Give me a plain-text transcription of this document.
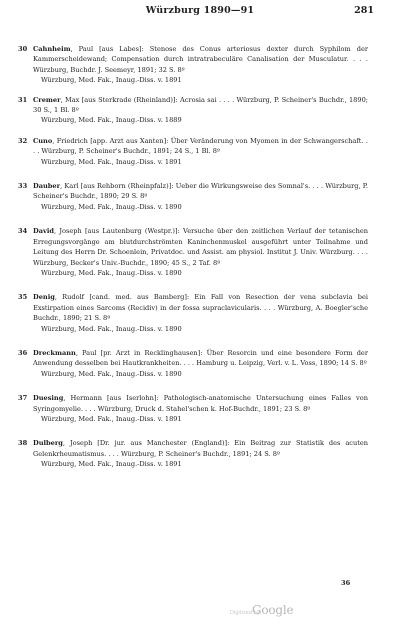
Würzburg 1890—91	281
30 Cahnheim, Paul [aus Labes]: Stenose des Conus arteriosus dexter durch Syphilom der Kammerscheidewand; Compensation durch intratrabeculäre Canalisation der Musculatur. . . . Würzburg, Buchdr. J. Seemeyr, 1891; 32 S. 8º
Würzburg, Med. Fak., Inaug.-Diss. v. 1891
31 Cremer, Max [aus Sterkrade (Rheinland)]: Acrosia sai . . . . Würzburg, P. Scheiner's Buchdr., 1890; 30 S., 1 Bl. 8º
Würzburg, Med. Fak., Inaug.-Diss. v. 1889
32 Cuno, Friedrich [app. Arzt aus Xanten]: Über Veränderung von Myomen in der Schwangerschaft. . . . Würzburg, P. Scheiner's Buchdr., 1891; 24 S., 1 Bl. 8º
Würzburg, Med. Fak., Inaug.-Diss. v. 1891
33 Dauber, Karl [aus Rehborn (Rheinpfalz)]: Ueber die Wirkungsweise des Somnal's. . . . Würzburg, P. Scheiner's Buchdr., 1890; 29 S. 8º
Würzburg, Med. Fak., Inaug.-Diss. v. 1890
34 David, Joseph [aus Lautenburg (Westpr.)]: Versuche über den zeitlichen Verlauf der tetanischen Erregungsvorgänge am blutdurchströmten Kaninchenmuskel ausgeführt unter Teilnahme und Leitung des Herrn Dr. Schoenlein, Privatdoc. und Assist. am physiol. Institut J. Univ. Würzburg. . . . Würzburg, Becker's Univ.-Buchdr., 1890; 45 S., 2 Taf. 8º
Würzburg, Med. Fak., Inaug.-Diss. v. 1890
35 Denig, Rudolf [cand. med. aus Bamberg]: Ein Fall von Resection der vena subclavia bei Exstirpation eines Sarcoms (Recidiv) in der fossa supraclavicularis. . . . Würzburg, A. Boegler'sche Buchdr., 1890; 21 S. 8º
Würzburg, Med. Fak., Inaug.-Diss. v. 1890
36 Dreckmann, Paul [pr. Arzt in Recklinghausen]: Über Resorcin und eine besondere Form der Anwendung desselben bei Hautkrankheiten. . . . Hamburg u. Leipzig, Verl. v. L. Voss, 1890; 14 S. 8º
Würzburg, Med. Fak., Inaug.-Diss. v. 1890
37 Duesing, Hermann [aus Iserlohn]: Pathologisch-anatomische Untersuchung eines Falles von Syringomyelie. . . . Würzburg, Druck d. Stahel'schen k. Hof-Buchdr., 1891; 23 S. 8º
Würzburg, Med. Fak., Inaug.-Diss. v. 1891
38 Dulberg, Joseph [Dr. jur. aus Manchester (England)]: Ein Beitrag zur Statistik des acuten Gelenkrheumatismus. . . . Würzburg, P. Scheiner's Buchdr., 1891; 24 S. 8º
Würzburg, Med. Fak., Inaug.-Diss. v. 1891
36
Digitized by
Google
